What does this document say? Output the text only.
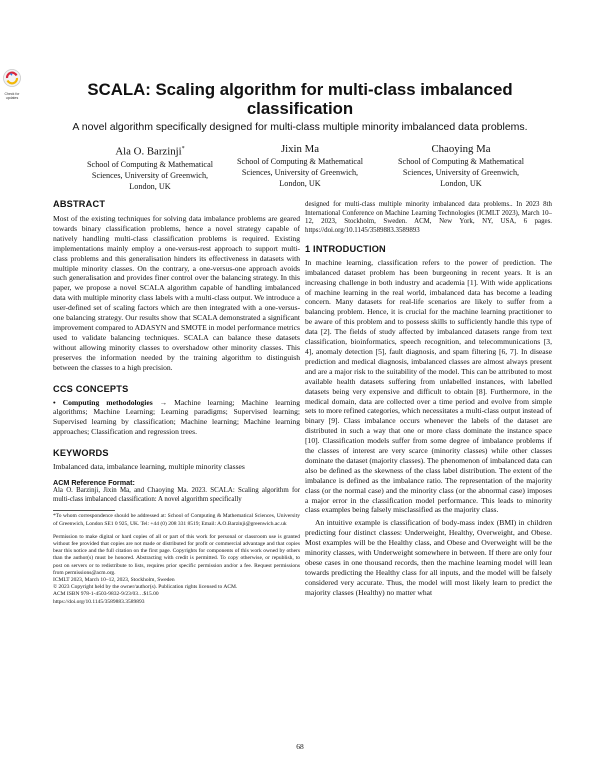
Check for updates	SCALA: Scaling algorithm for multi-class imbalanced classification

A novel algorithm specifically designed for multi-class multiple minority imbalanced data problems.

Ala O. Barzinji*
School of Computing & Mathematical
Sciences, University of Greenwich,
London, UK
Jixin Ma
School of Computing & Mathematical
Sciences, University of Greenwich,
London, UK
Chaoying Ma
School of Computing & Mathematical
Sciences, University of Greenwich,
London, UK
ABSTRACT

Most of the existing techniques for solving data imbalance problems are geared towards binary classification problems, hence a novel strategy capable of natively handling multi-class classification problems is required. Existing implementations mainly employ a one-versus-rest approach to support multi-class problems and this generalisation hinders its effectiveness in datasets with multiple minority classes. On the contrary, a one-versus-one approach avoids such generalisation and provides finer control over the balancing strategy. In this paper, we propose a novel SCALA algorithm capable of handling imbalanced data with multiple minority class labels with a multi-class output. We introduce a user-defined set of scaling factors which are then integrated with a one-versus-one balancing strategy. Our results show that SCALA demonstrated a significant improvement compared to ADASYN and SMOTE in model performance metrics used to validate balancing techniques. SCALA can balance these datasets without allowing minority classes to overshadow other minority classes. This preserves the information needed by the training algorithm to distinguish between the classes to a high precision.

CCS CONCEPTS

• Computing methodologies → Machine learning; Machine learning algorithms; Machine Learning; Learning paradigms; Supervised learning; Supervised learning by classification; Machine learning; Machine learning approaches; Classification and regression trees.

KEYWORDS

Imbalanced data, imbalance learning, multiple minority classes

ACM Reference Format:

Ala O. Barzinji, Jixin Ma, and Chaoying Ma. 2023. SCALA: Scaling algorithm for multi-class imbalanced classification: A novel algorithm specifically

*To whom correspondence should be addressed at: School of Computing & Mathematical Sciences, University of Greenwich, London SE1 0 925, UK. Tel: +44 (0) 208 331 8519; Email: A.O.Barzinji@greenwich.ac.uk

Permission to make digital or hard copies of all or part of this work for personal or classroom use is granted without fee provided that copies are not made or distributed for profit or commercial advantage and that copies bear this notice and the full citation on the first page. Copyrights for components of this work owned by others than the author(s) must be honored. Abstracting with credit is permitted. To copy otherwise, or republish, to post on servers or to redistribute to lists, requires prior specific permission and/or a fee. Request permissions from permissions@acm.org.

ICMLT 2023, March 10–12, 2023, Stockholm, Sweden

© 2023 Copyright held by the owner/author(s). Publication rights licensed to ACM.

ACM ISBN 978-1-4503-9832-9/23/03…$15.00

https://doi.org/10.1145/3589883.3589893

designed for multi-class multiple minority imbalanced data problems.. In 2023 8th International Conference on Machine Learning Technologies (ICMLT 2023), March 10–12, 2023, Stockholm, Sweden. ACM, New York, NY, USA, 6 pages. https://doi.org/10.1145/3589883.3589893

1 INTRODUCTION

In machine learning, classification refers to the power of prediction. The imbalanced dataset problem has been burgeoning in recent years. It is an increasing challenge in both industry and academia [1]. With wide applications of machine learning in the real world, imbalanced data has become a leading concern. Many datasets for real-life scenarios are likely to suffer from a balancing problem. Hence, it is crucial for the machine learning practitioner to be aware of this problem and to possess skills to sufficiently handle this type of data [2]. The fields of study affected by imbalanced datasets range from text classification, bioinformatics, speech recognition, and telecommunications [3, 4], anomaly detection [5], fault diagnosis, and spam filtering [6, 7]. In disease prediction and medical diagnosis, imbalanced classes are almost always present and are a major risk to the suitability of the model. This can be attributed to most available health datasets suffering from unlabelled instances, with labelled datasets being very expensive and difficult to obtain [8]. Furthermore, in the medical domain, data are collected over a time period and evolve from simple sets to more refined categories, which necessitates a multi-class output instead of binary [9]. Class imbalance occurs whenever the labels of the dataset are distributed in such a way that one or more class dominate the instance space [10]. Classification models suffer from some degree of imbalance problems if the classes of interest are very scarce (minority classes) while other classes dominate the dataset (majority classes). The phenomenon of imbalanced data can also be defined as the skewness of the class label distribution. The extent of the imbalance is defined as the imbalance ratio. The representation of the majority class (or the normal case) and the minority class (or the abnormal case) imposes a major error in the classification model performance. This leads to minority class examples being falsely misclassified as the majority class.

An intuitive example is classification of body-mass index (BMI) in children predicting four distinct classes: Underweight, Healthy, Overweight, and Obese. Most examples will be the Healthy class, and Obese and Overweight will be the minority classes, with Underweight somewhere in between. If there are only four obese cases in one thousand records, then the machine learning model will lean towards predicting the Healthy class for all inputs, and the model will be falsely considered very accurate. Thus, the model will most likely learn to predict the majority classes (Healthy) no matter what

68
